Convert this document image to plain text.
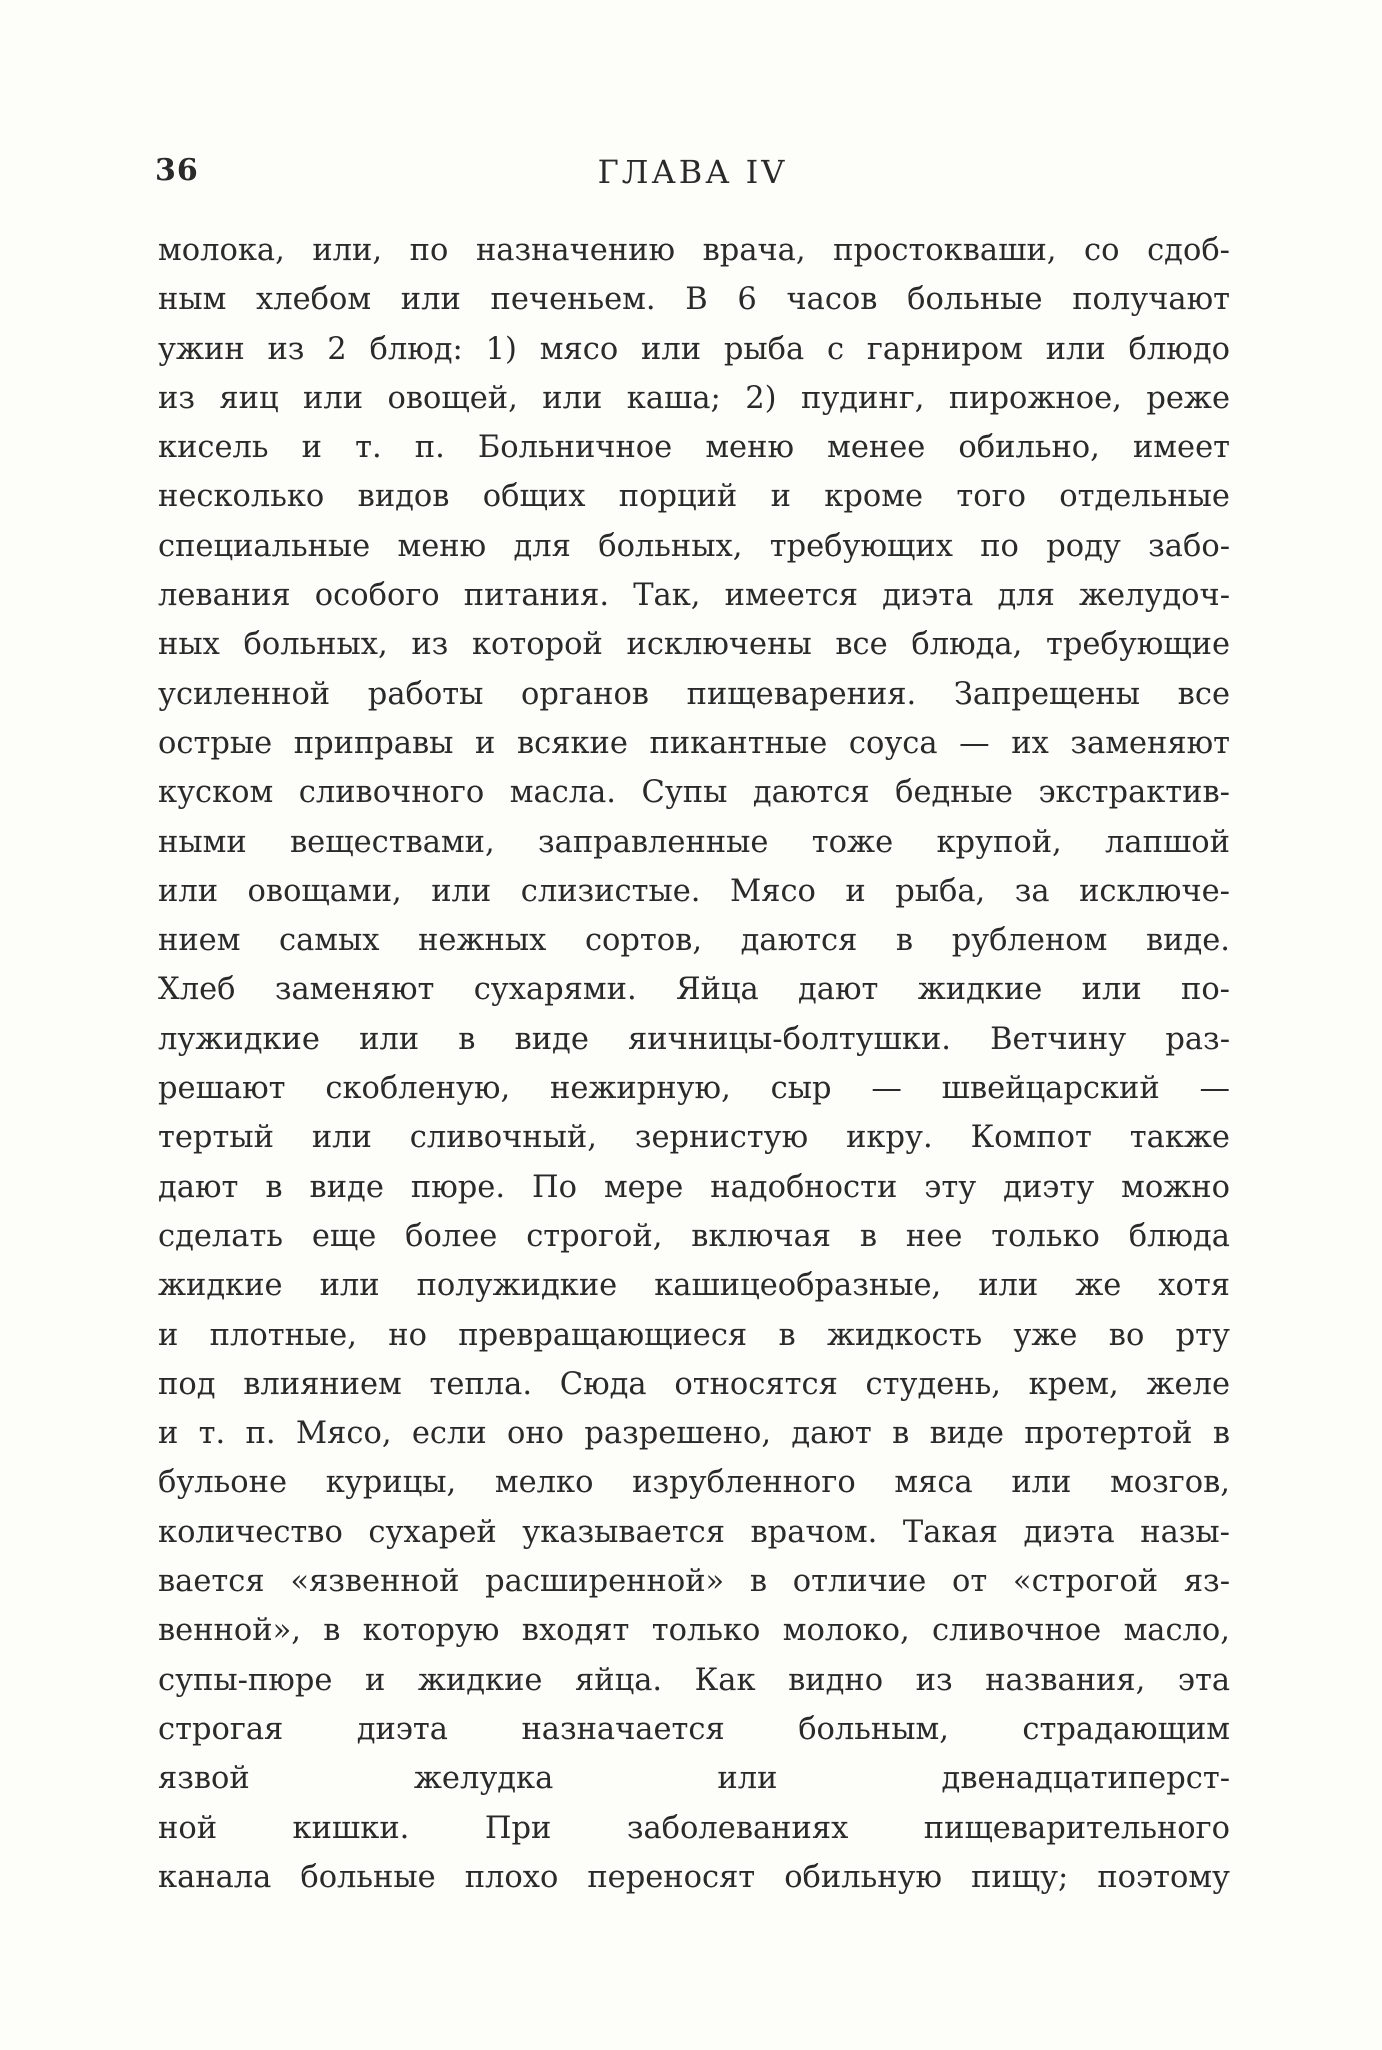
36	ГЛАВА IV
молока, или, по назначению врача, простокваши, со сдоб-
ным хлебом или печеньем. В 6 часов больные получают
ужин из 2 блюд: 1) мясо или рыба с гарниром или блюдо
из яиц или овощей, или каша; 2) пудинг, пирожное, реже
кисель и т. п. Больничное меню менее обильно, имеет
несколько видов общих порций и кроме того отдельные
специальные меню для больных, требующих по роду забо-
левания особого питания. Так, имеется диэта для желудоч-
ных больных, из которой исключены все блюда, требующие
усиленной работы органов пищеварения. Запрещены все
острые приправы и всякие пикантные соуса — их заменяют
куском сливочного масла. Супы даются бедные экстрактив-
ными веществами, заправленные тоже крупой, лапшой
или овощами, или слизистые. Мясо и рыба, за исключе-
нием самых нежных сортов, даются в рубленом виде.
Хлеб заменяют сухарями. Яйца дают жидкие или по-
лужидкие или в виде яичницы-болтушки. Ветчину раз-
решают скобленую, нежирную, сыр — швейцарский —
тертый или сливочный, зернистую икру. Компот также
дают в виде пюре. По мере надобности эту диэту можно
сделать еще более строгой, включая в нее только блюда
жидкие или полужидкие кашицеобразные, или же хотя
и плотные, но превращающиеся в жидкость уже во рту
под влиянием тепла. Сюда относятся студень, крем, желе
и т. п. Мясо, если оно разрешено, дают в виде протертой в
бульоне курицы, мелко изрубленного мяса или мозгов,
количество сухарей указывается врачом. Такая диэта назы-
вается «язвенной расширенной» в отличие от «строгой яз-
венной», в которую входят только молоко, сливочное масло,
супы-пюре и жидкие яйца. Как видно из названия, эта
строгая диэта назначается больным, страдающим
язвой желудка или двенадцатиперст-
ной кишки. При заболеваниях пищеварительного
канала больные плохо переносят обильную пищу; поэтому
